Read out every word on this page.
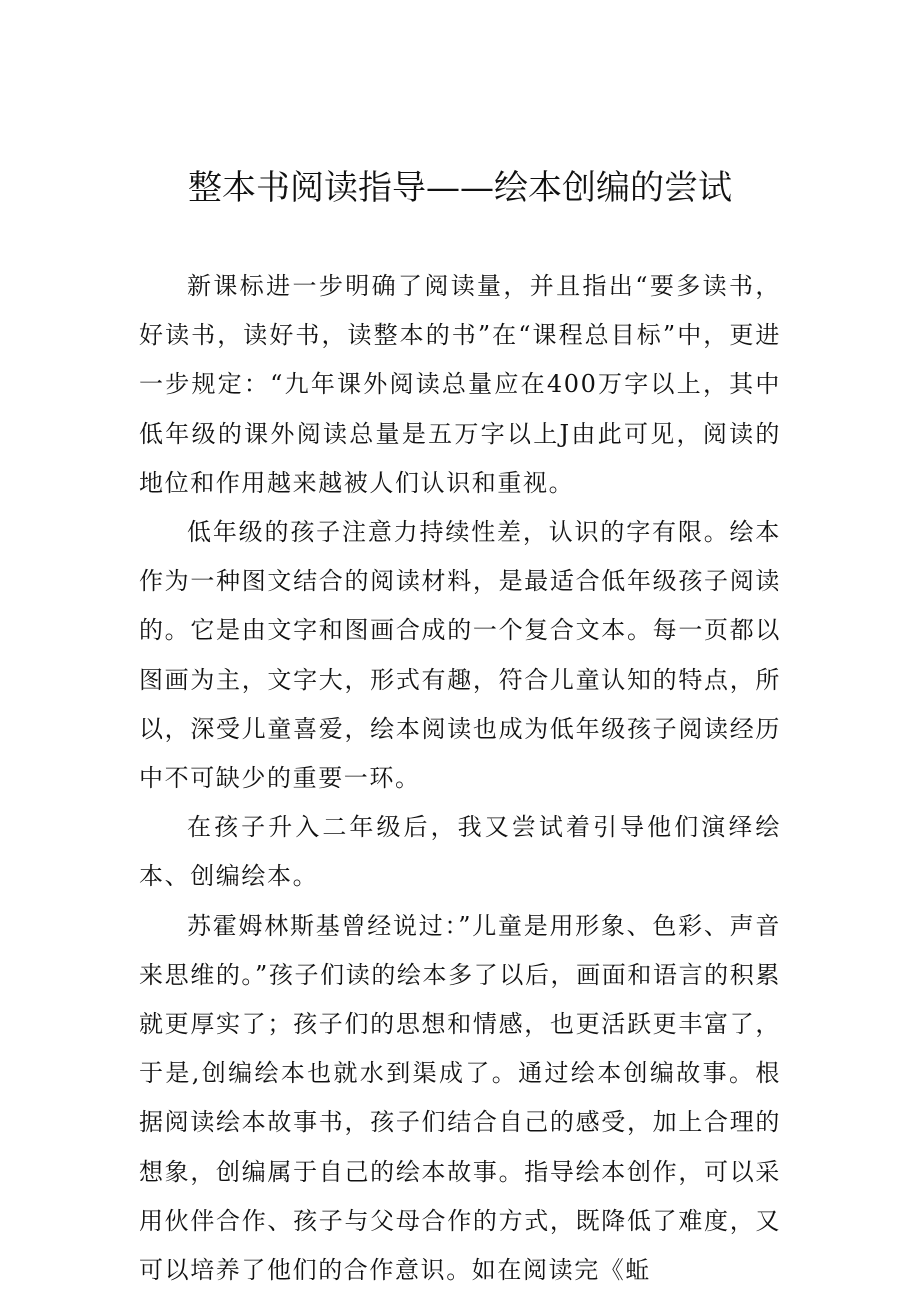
整本书阅读指导——绘本创编的尝试

新课标进一步明确了阅读量，并且指出“要多读书，好读书，读好书，读整本的书”在“课程总目标”中，更进一步规定：“九年课外阅读总量应在400万字以上，其中低年级的课外阅读总量是五万字以上J由此可见，阅读的地位和作用越来越被人们认识和重视。

低年级的孩子注意力持续性差，认识的字有限。绘本作为一种图文结合的阅读材料，是最适合低年级孩子阅读的。它是由文字和图画合成的一个复合文本。每一页都以图画为主，文字大，形式有趣，符合儿童认知的特点，所以，深受儿童喜爱，绘本阅读也成为低年级孩子阅读经历中不可缺少的重要一环。

在孩子升入二年级后，我又尝试着引导他们演绎绘本、创编绘本。

苏霍姆林斯基曾经说过：”儿童是用形象、色彩、声音来思维的。”孩子们读的绘本多了以后，画面和语言的积累就更厚实了；孩子们的思想和情感，也更活跃更丰富了，于是,创编绘本也就水到渠成了。通过绘本创编故事。根据阅读绘本故事书，孩子们结合自己的感受，加上合理的想象，创编属于自己的绘本故事。指导绘本创作，可以采用伙伴合作、孩子与父母合作的方式，既降低了难度，又可以培养了他们的合作意识。如在阅读完《蚯
